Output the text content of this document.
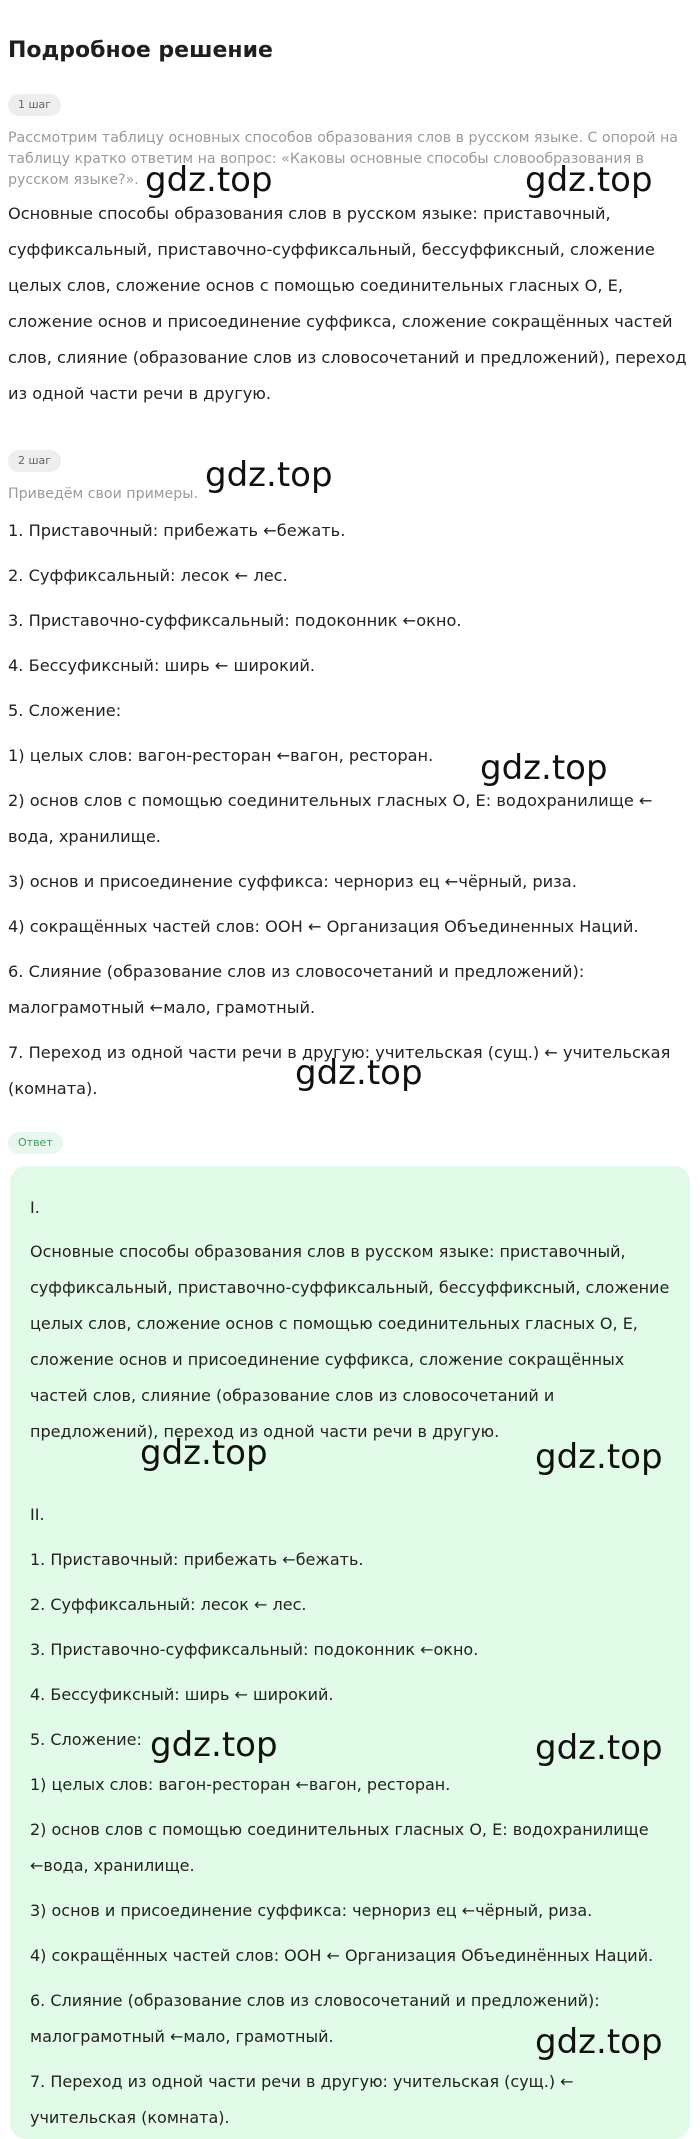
Подробное решение
1 шаг
Рассмотрим таблицу основных способов образования слов в русском языке. С опорой на таблицу кратко ответим на вопрос: «Каковы основные способы словообразования в русском языке?».
Основные способы образования слов в русском языке: приставочный, суффиксальный, приставочно-суффиксальный, бессуффиксный, сложение целых слов, сложение основ с помощью соединительных гласных О, Е, сложение основ и присоединение суффикса, сложение сокращённых частей слов, слияние (образование слов из словосочетаний и предложений), переход из одной части речи в другую.
2 шаг
Приведём свои примеры.
1. Приставочный: прибежать ←бежать.
2. Суффиксальный: лесок ← лес.
3. Приставочно-суффиксальный: подоконник ←окно.
4. Бессуфиксный: ширь ← широкий.
5. Сложение:
1) целых слов: вагон-ресторан ←вагон, ресторан.
2) основ слов с помощью соединительных гласных О, Е: водохранилище ←
вода, хранилище.
3) основ и присоединение суффикса: чернориз ец ←чёрный, риза.
4) сокращённых частей слов: ООН ← Организация Объединенных Наций.
6. Слияние (образование слов из словосочетаний и предложений):
малограмотный ←мало, грамотный.
7. Переход из одной части речи в другую: учительская (сущ.) ← учительская
(комната).
Ответ
I.
Основные способы образования слов в русском языке: приставочный, суффиксальный, приставочно-суффиксальный, бессуффиксный, сложение целых слов, сложение основ с помощью соединительных гласных О, Е, сложение основ и присоединение суффикса, сложение сокращённых частей слов, слияние (образование слов из словосочетаний и предложений), переход из одной части речи в другую.
II.
1. Приставочный: прибежать ←бежать.
2. Суффиксальный: лесок ← лес.
3. Приставочно-суффиксальный: подоконник ←окно.
4. Бессуфиксный: ширь ← широкий.
5. Сложение:
1) целых слов: вагон-ресторан ←вагон, ресторан.
2) основ слов с помощью соединительных гласных О, Е: водохранилище
←вода, хранилище.
3) основ и присоединение суффикса: чернориз ец ←чёрный, риза.
4) сокращённых частей слов: ООН ← Организация Объединённых Наций.
6. Слияние (образование слов из словосочетаний и предложений):
малограмотный ←мало, грамотный.
7. Переход из одной части речи в другую: учительская (сущ.) ←
учительская (комната).
gdz.top	gdz.top
gdz.top
gdz.top
gdz.top
gdz.top	gdz.top
gdz.top	gdz.top
gdz.top
